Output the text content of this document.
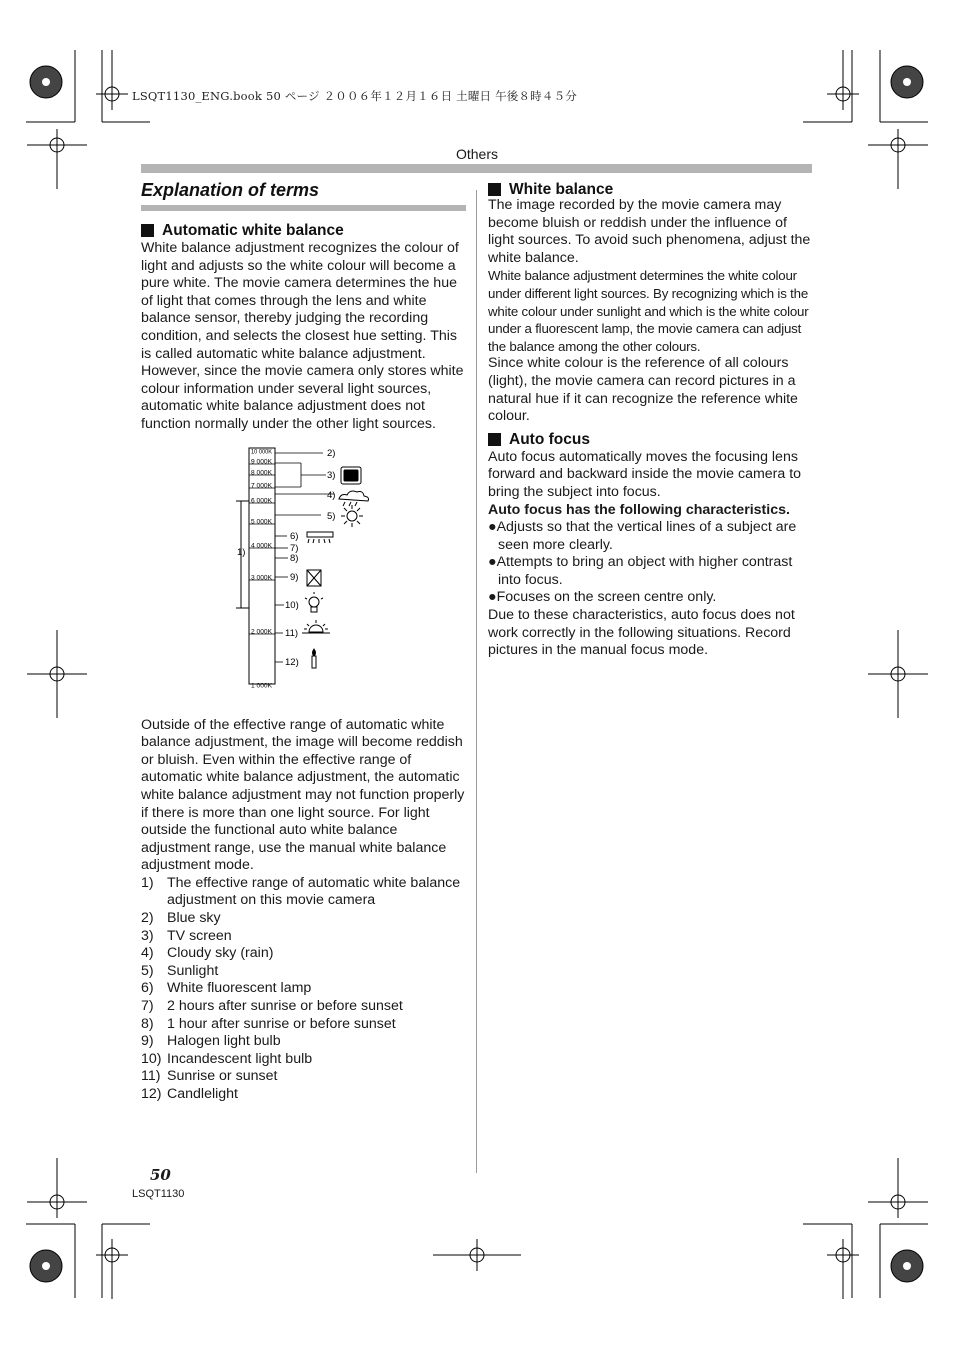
LSQT1130_ENG.book 50 ページ ２００６年１２月１６日 土曜日 午後８時４５分
Others
Explanation of terms
Automatic white balance

White balance adjustment recognizes the colour of light and adjusts so the white colour will become a pure white. The movie camera determines the hue of light that comes through the lens and white balance sensor, thereby judging the recording condition, and selects the closest hue setting. This is called automatic white balance adjustment. However, since the movie camera only stores white colour information under several light sources, automatic white balance adjustment does not function normally under the other light sources.

10 000K
9 000K
8 000K
7 000K
6 000K
5 000K
4 000K
3 000K
2 000K
1 000K
2)
3)
4)
5)
6)
7)
8)
9)
10)
11)
12)
1)

Outside of the effective range of automatic white balance adjustment, the image will become reddish or bluish. Even within the effective range of automatic white balance adjustment, the automatic white balance adjustment may not function properly if there is more than one light source. For light outside the functional auto white balance adjustment range, use the manual white balance adjustment mode.

1) The effective range of automatic white balance adjustment on this movie camera
2) Blue sky
3) TV screen
4) Cloudy sky (rain)
5) Sunlight
6) White fluorescent lamp
7) 2 hours after sunrise or before sunset
8) 1 hour after sunrise or before sunset
9) Halogen light bulb
10) Incandescent light bulb
11) Sunrise or sunset
12) Candlelight
White balance

The image recorded by the movie camera may become bluish or reddish under the influence of light sources. To avoid such phenomena, adjust the white balance.

White balance adjustment determines the white colour under different light sources. By recognizing which is the white colour under sunlight and which is the white colour under a fluorescent lamp, the movie camera can adjust the balance among the other colours.

Since white colour is the reference of all colours (light), the movie camera can record pictures in a natural hue if it can recognize the reference white colour.

Auto focus

Auto focus automatically moves the focusing lens forward and backward inside the movie camera to bring the subject into focus.

Auto focus has the following characteristics.

●Adjusts so that the vertical lines of a subject are seen more clearly.

●Attempts to bring an object with higher contrast into focus.

●Focuses on the screen centre only.

Due to these characteristics, auto focus does not work correctly in the following situations. Record pictures in the manual focus mode.

50
LSQT1130
